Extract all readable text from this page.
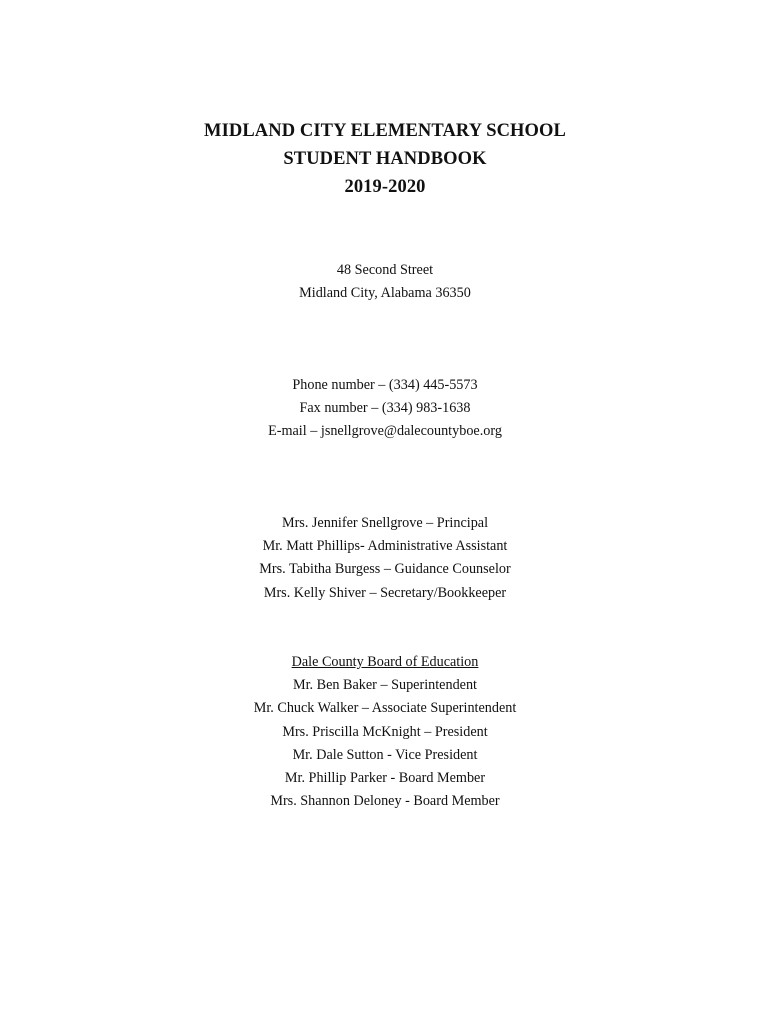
MIDLAND CITY ELEMENTARY SCHOOL
STUDENT HANDBOOK
2019-2020
48 Second Street
Midland City, Alabama 36350
Phone number – (334) 445-5573
Fax number – (334) 983-1638
E-mail – jsnellgrove@dalecountyboe.org
Mrs. Jennifer Snellgrove – Principal
Mr. Matt Phillips- Administrative Assistant
Mrs. Tabitha Burgess – Guidance Counselor
Mrs. Kelly Shiver – Secretary/Bookkeeper
Dale County Board of Education
Mr. Ben Baker – Superintendent
Mr. Chuck Walker – Associate Superintendent
Mrs. Priscilla McKnight – President
Mr. Dale Sutton - Vice President
Mr. Phillip Parker - Board Member
Mrs. Shannon Deloney - Board Member
